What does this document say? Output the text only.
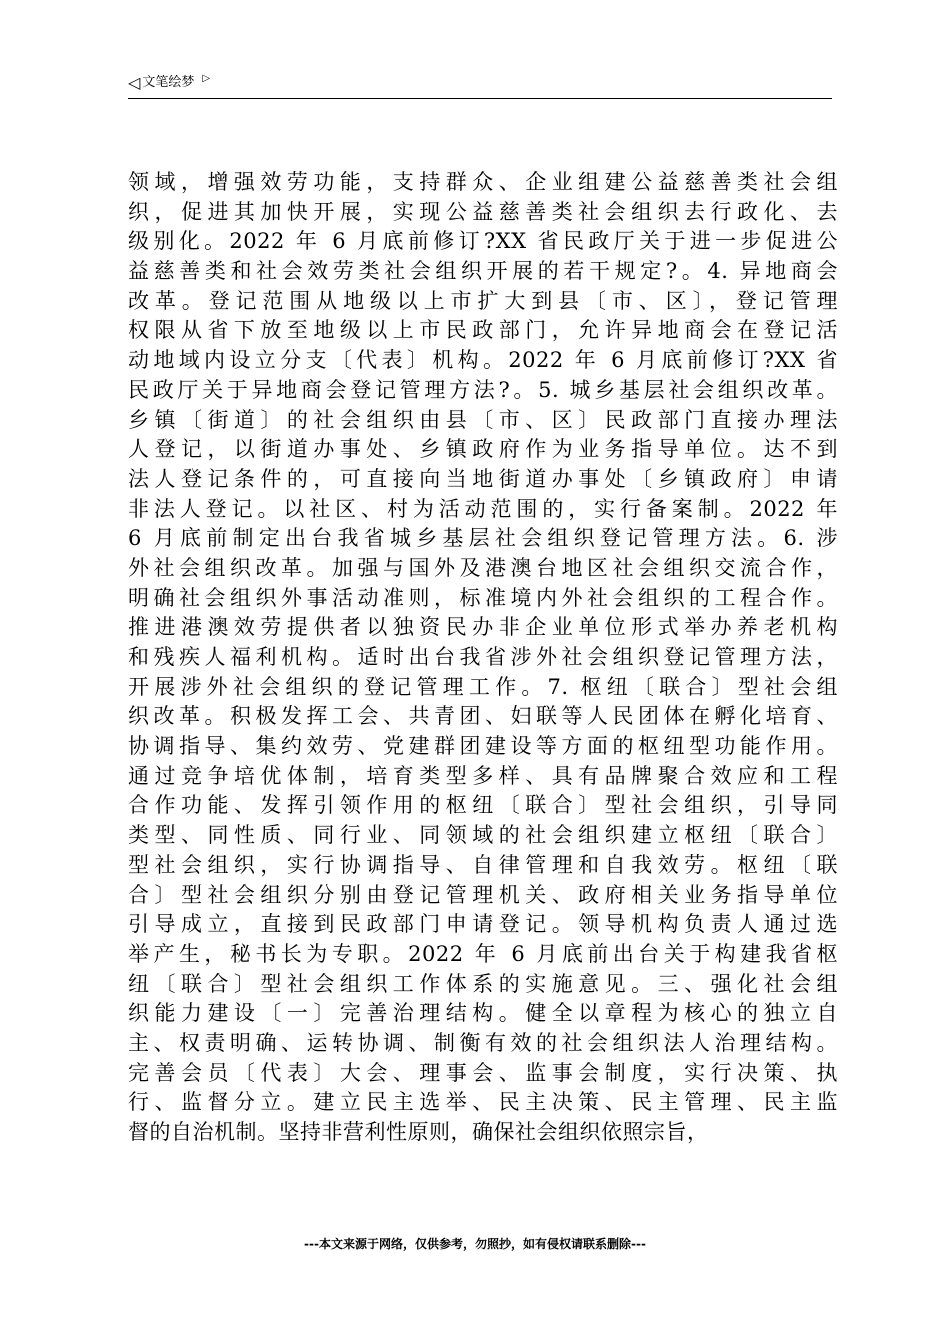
◁ 文笔绘梦 ▷
领域，增强效劳功能，支持群众、企业组建公益慈善类社会组
织，促进其加快开展，实现公益慈善类社会组织去行政化、去
级别化。2022 年 6 月底前修订?XX 省民政厅关于进一步促进公
益慈善类和社会效劳类社会组织开展的若干规定?。4. 异地商会
改革。登记范围从地级以上市扩大到县〔市、区〕，登记管理
权限从省下放至地级以上市民政部门，允许异地商会在登记活
动地域内设立分支〔代表〕机构。2022 年 6 月底前修订?XX 省
民政厅关于异地商会登记管理方法?。5. 城乡基层社会组织改革。
乡镇〔街道〕的社会组织由县〔市、区〕民政部门直接办理法
人登记，以街道办事处、乡镇政府作为业务指导单位。达不到
法人登记条件的，可直接向当地街道办事处〔乡镇政府〕申请
非法人登记。以社区、村为活动范围的，实行备案制。2022 年
6 月底前制定出台我省城乡基层社会组织登记管理方法。6. 涉
外社会组织改革。加强与国外及港澳台地区社会组织交流合作，
明确社会组织外事活动准则，标准境内外社会组织的工程合作。
推进港澳效劳提供者以独资民办非企业单位形式举办养老机构
和残疾人福利机构。适时出台我省涉外社会组织登记管理方法，
开展涉外社会组织的登记管理工作。7. 枢纽〔联合〕型社会组
织改革。积极发挥工会、共青团、妇联等人民团体在孵化培育、
协调指导、集约效劳、党建群团建设等方面的枢纽型功能作用。
通过竞争培优体制，培育类型多样、具有品牌聚合效应和工程
合作功能、发挥引领作用的枢纽〔联合〕型社会组织，引导同
类型、同性质、同行业、同领域的社会组织建立枢纽〔联合〕
型社会组织，实行协调指导、自律管理和自我效劳。枢纽〔联
合〕型社会组织分别由登记管理机关、政府相关业务指导单位
引导成立，直接到民政部门申请登记。领导机构负责人通过选
举产生，秘书长为专职。2022 年 6 月底前出台关于构建我省枢
纽〔联合〕型社会组织工作体系的实施意见。三、强化社会组
织能力建设〔一〕完善治理结构。健全以章程为核心的独立自
主、权责明确、运转协调、制衡有效的社会组织法人治理结构。
完善会员〔代表〕大会、理事会、监事会制度，实行决策、执
行、监督分立。建立民主选举、民主决策、民主管理、民主监
督的自治机制。坚持非营利性原则，确保社会组织依照宗旨，
---本文来源于网络，仅供参考，勿照抄，如有侵权请联系删除---
